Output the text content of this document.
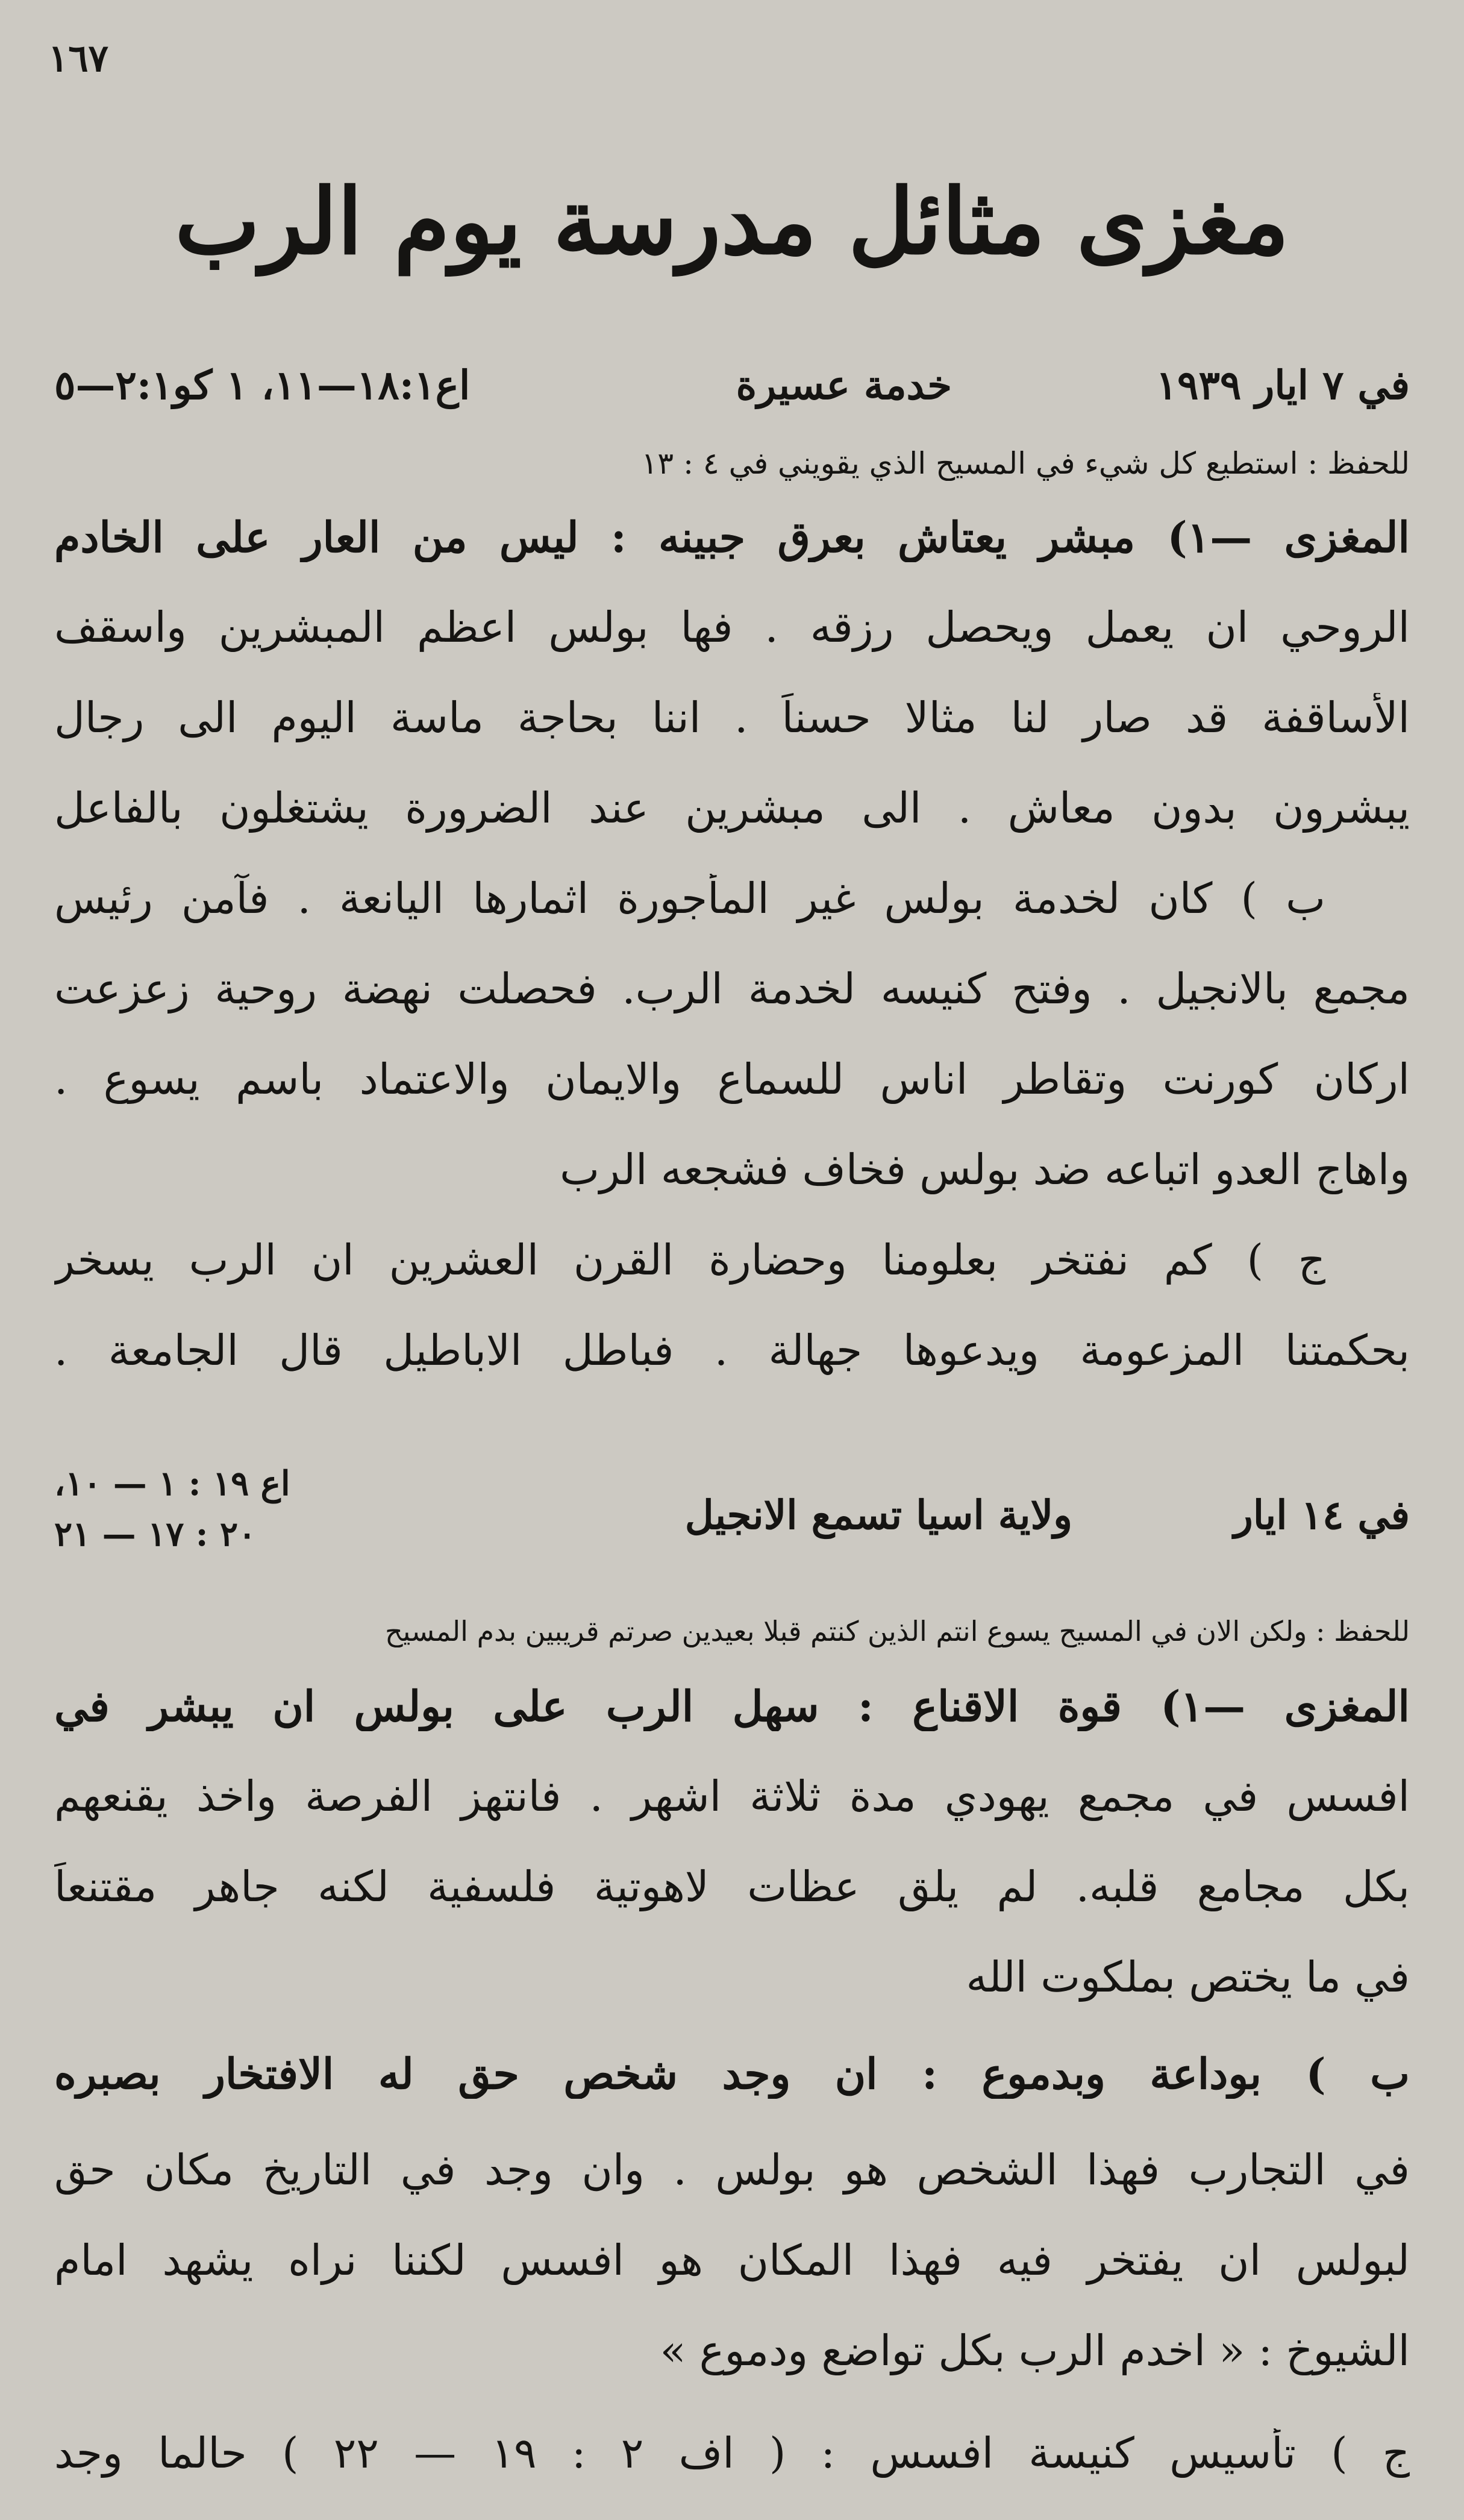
١٦٧
مغزى مثائل مدرسة يوم الرب
في ٧ ايار ١٩٣٩
خدمة عسيرة
اع١٨:١—١١، ١ كو٢:١—٥
للحفظ : استطيع كل شيء في المسيح الذي يقويني في ٤ : ١٣
المغزى —١) مبشر يعتاش بعرق جبينه : ليس من العار على الخادم
الروحي ان يعمل ويحصل رزقه . فها بولس اعظم المبشرين واسقف
الأساقفة قد صار لنا مثالا حسناً . اننا بحاجة ماسة اليوم الى رجال
يبشرون بدون معاش . الى مبشرين عند الضرورة يشتغلون بالفاعل
ب ) كان لخدمة بولس غير المأجورة اثمارها اليانعة . فآمن رئيس
مجمع بالانجيل . وفتح كنيسه لخدمة الرب. فحصلت نهضة روحية زعزعت
اركان كورنت وتقاطر اناس للسماع والايمان والاعتماد باسم يسوع .
واهاج العدو اتباعه ضد بولس فخاف فشجعه الرب
ج ) كم نفتخر بعلومنا وحضارة القرن العشرين ان الرب يسخر
بحكمتنا المزعومة ويدعوها جهالة . فباطل الاباطيل قال الجامعة .
في ١٤ ايار
ولاية اسيا تسمع الانجيل
اع ١٩ : ١ — ١٠،
٢٠ : ١٧ — ٢١
للحفظ : ولكن الان في المسيح يسوع انتم الذين كنتم قبلا بعيدين صرتم قريبين بدم المسيح
المغزى —١) قوة الاقناع : سهل الرب على بولس ان يبشر في
افسس في مجمع يهودي مدة ثلاثة اشهر . فانتهز الفرصة واخذ يقنعهم
بكل مجامع قلبه. لم يلق عظات لاهوتية فلسفية لكنه جاهر مقتنعاً
في ما يختص بملكوت الله
ب ) بوداعة وبدموع : ان وجد شخص حق له الافتخار بصبره
في التجارب فهذا الشخص هو بولس . وان وجد في التاريخ مكان حق
لبولس ان يفتخر فيه فهذا المكان هو افسس لكننا نراه يشهد امام
الشيوخ : « اخدم الرب بكل تواضع ودموع »
ج ) تأسيس كنيسة افسس : ( اف ٢ : ١٩ — ٢٢ ) حالما وجد
